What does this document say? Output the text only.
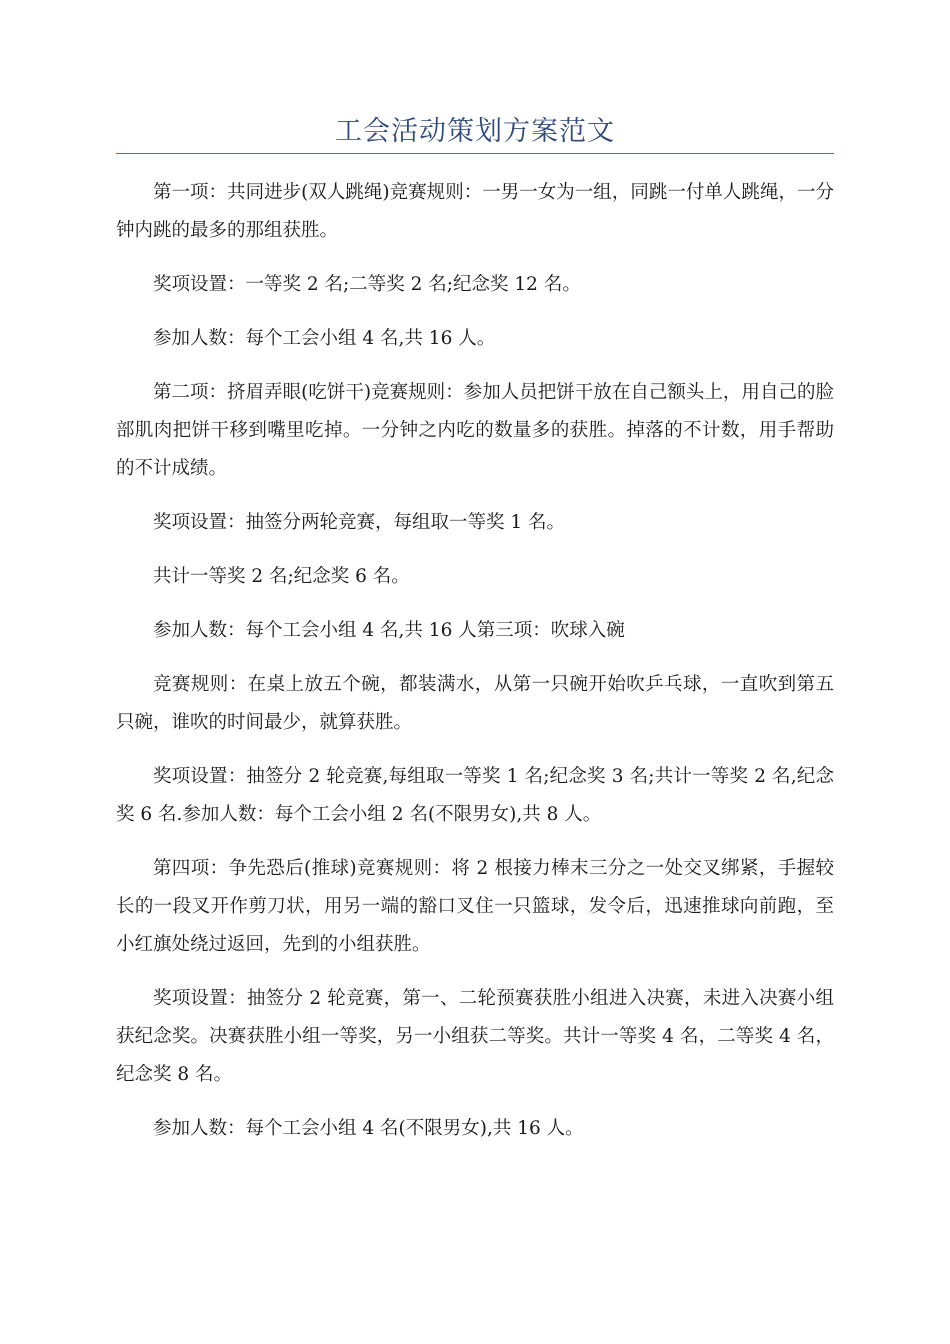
工会活动策划方案范文

第一项：共同进步(双人跳绳)竞赛规则：一男一女为一组，同跳一付单人跳绳，一分钟内跳的最多的那组获胜。

奖项设置：一等奖 2 名;二等奖 2 名;纪念奖 12 名。

参加人数：每个工会小组 4 名,共 16 人。

第二项：挤眉弄眼(吃饼干)竞赛规则：参加人员把饼干放在自己额头上，用自己的脸部肌肉把饼干移到嘴里吃掉。一分钟之内吃的数量多的获胜。掉落的不计数，用手帮助的不计成绩。

奖项设置：抽签分两轮竞赛，每组取一等奖 1 名。

共计一等奖 2 名;纪念奖 6 名。

参加人数：每个工会小组 4 名,共 16 人第三项：吹球入碗

竞赛规则：在桌上放五个碗，都装满水，从第一只碗开始吹乒乓球，一直吹到第五只碗，谁吹的时间最少，就算获胜。

奖项设置：抽签分 2 轮竞赛,每组取一等奖 1 名;纪念奖 3 名;共计一等奖 2 名,纪念奖 6 名.参加人数：每个工会小组 2 名(不限男女),共 8 人。

第四项：争先恐后(推球)竞赛规则：将 2 根接力棒末三分之一处交叉绑紧，手握较长的一段叉开作剪刀状，用另一端的豁口叉住一只篮球，发令后，迅速推球向前跑，至小红旗处绕过返回，先到的小组获胜。

奖项设置：抽签分 2 轮竞赛，第一、二轮预赛获胜小组进入决赛，未进入决赛小组获纪念奖。决赛获胜小组一等奖，另一小组获二等奖。共计一等奖 4 名，二等奖 4 名，纪念奖 8 名。

参加人数：每个工会小组 4 名(不限男女),共 16 人。
